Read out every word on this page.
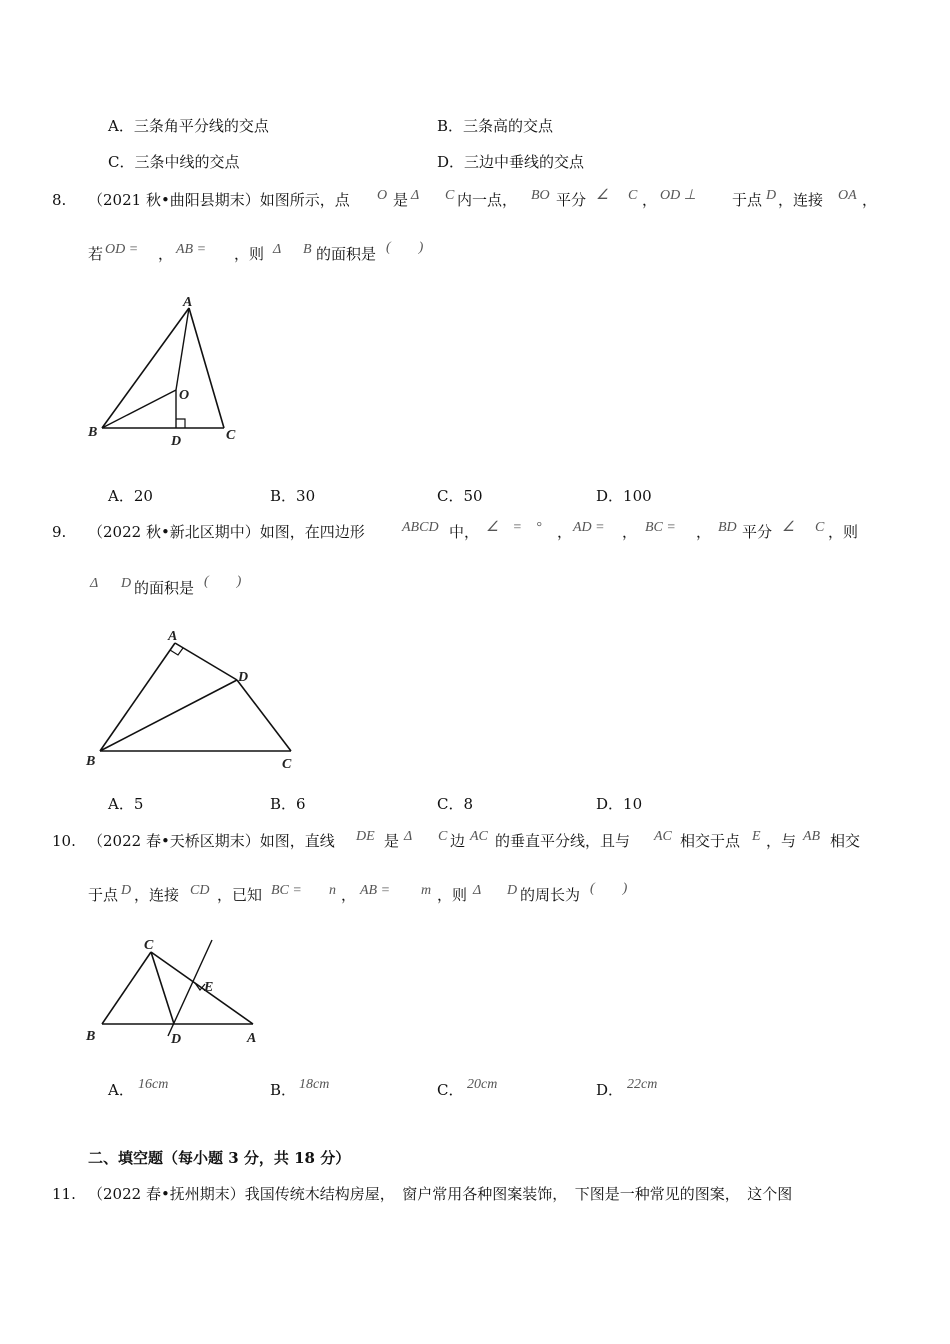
A．三条角平分线的交点	B．三条高的交点
C．三条中线的交点	D．三边中垂线的交点
8. （2021 秋•曲阳县期末）如图所示，点 O 是 Δ C 内一点， BO 平分 ∠ C ， OD ⊥ 于点 D ，连接 OA ，
若 OD = ， AB = ，则 Δ B 的面积是 (　　)
A
B	C
O
D
A．20	B．30	C．50	D．100
9. （2022 秋•新北区期中）如图，在四边形	ABCD 中， ∠　=　° ， AD = ， BC = ， BD 平分 ∠ C ，则
Δ D 的面积是 (　　)
A
B	C
D
A．5	B．6	C．8	D．10
10. （2022 春•天桥区期末）如图，直线 DE 是 Δ C 边 AC 的垂直平分线，且与 AC 相交于点 E ，与 AB 相交
于点 D ，连接 CD ，已知 BC = n ， AB = m ，则 Δ D 的周长为 (　　)
C
E
B	D	A
A． 16cm	B． 18cm	C． 20cm	D． 22cm
二、填空题（每小题 3 分，共 18 分）
11. （2022 春•抚州期末）我国传统木结构房屋，　窗户常用各种图案装饰，　下图是一种常见的图案，　这个图
